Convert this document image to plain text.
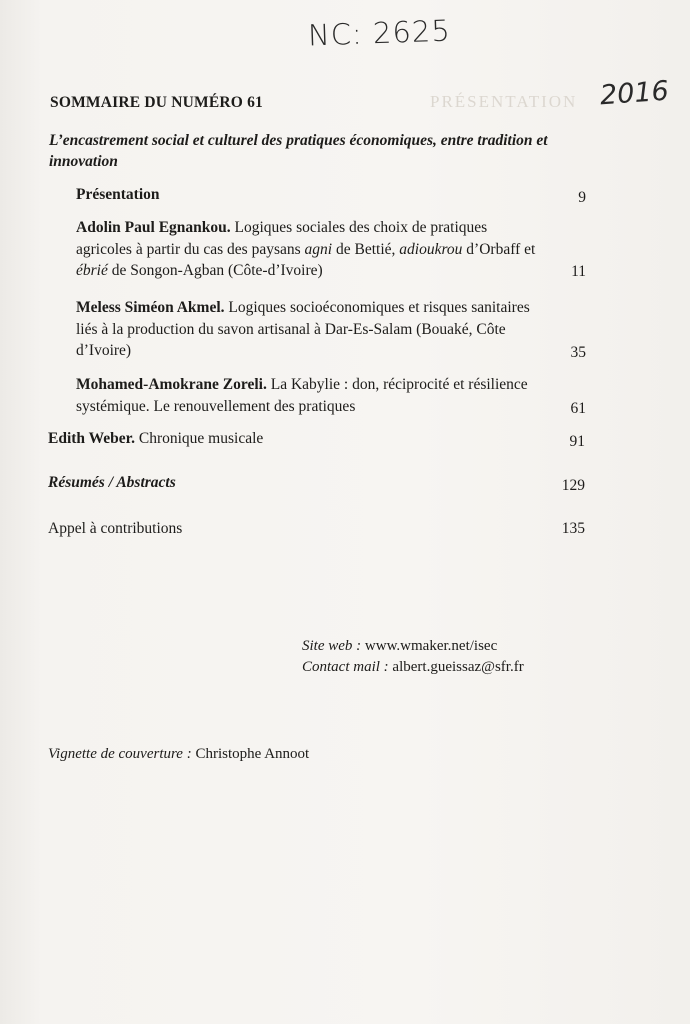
NC: 2625
2016
PRÉSENTATION
SOMMAIRE DU NUMÉRO 61
L’encastrement social et culturel des pratiques économiques, entre tradition et innovation
Présentation	9
Adolin Paul Egnankou. Logiques sociales des choix de pratiques agricoles à partir du cas des paysans agni de Bettié, adioukrou d’Orbaff et ébrié de Songon-Agban (Côte-d’Ivoire)	11
Meless Siméon Akmel. Logiques socioéconomiques et risques sanitaires liés à la production du savon artisanal à Dar-Es-Salam (Bouaké, Côte d’Ivoire)	35
Mohamed-Amokrane Zoreli. La Kabylie : don, réciprocité et résilience systémique. Le renouvellement des pratiques	61
Edith Weber. Chronique musicale	91
Résumés / Abstracts	129
Appel à contributions	135
Site web : www.wmaker.net/isec
Contact mail : albert.gueissaz@sfr.fr
Vignette de couverture : Christophe Annoot
